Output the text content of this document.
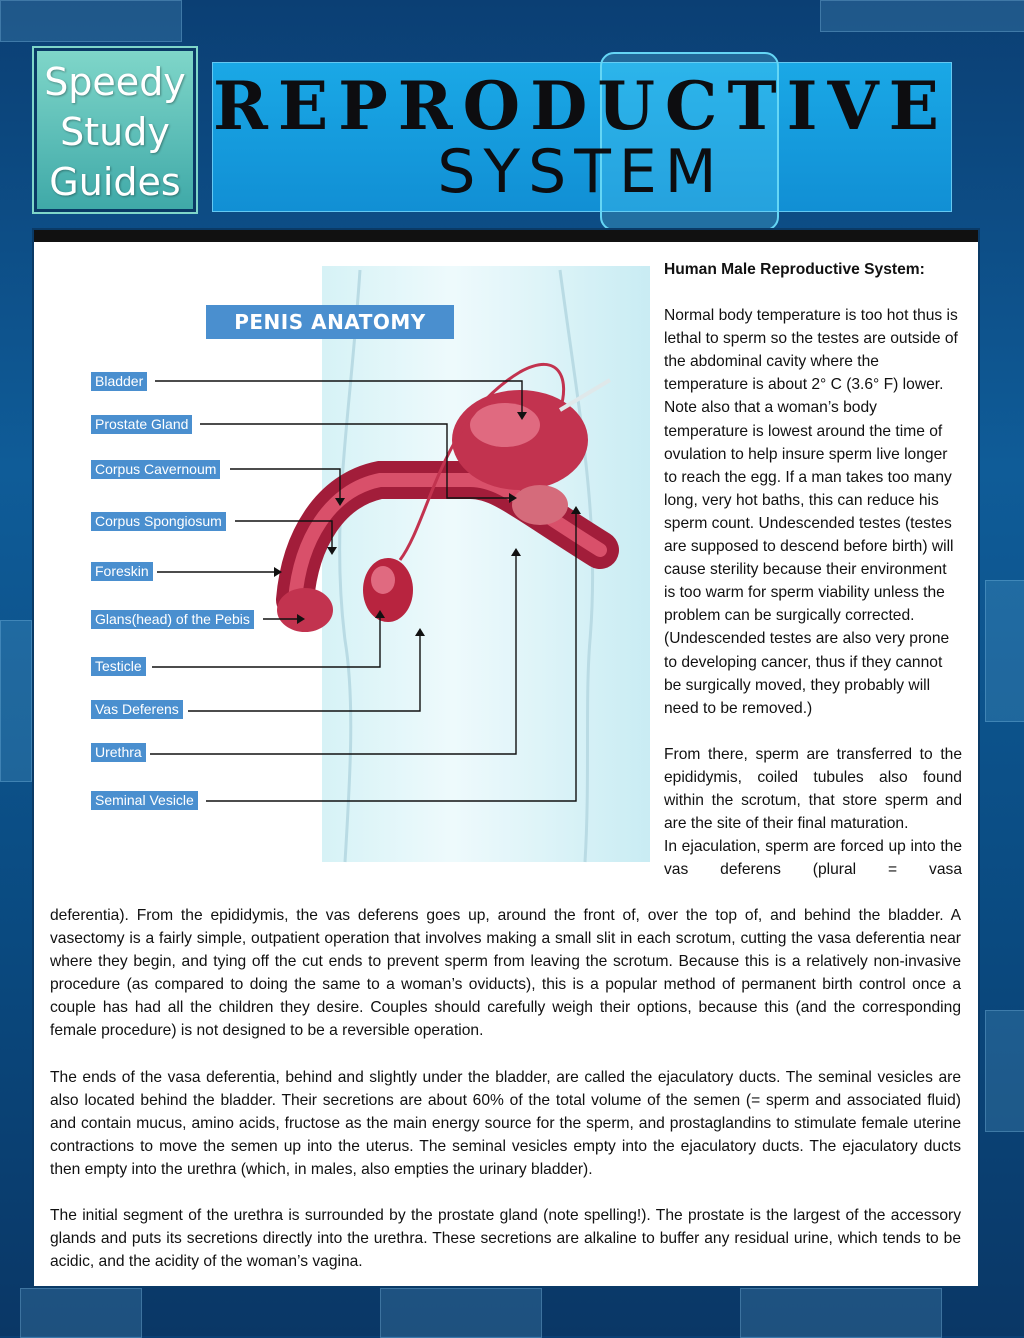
Speedy
Study
Guides
REPRODUCTIVE
SYSTEM
PENIS ANATOMY
Bladder
Prostate Gland
Corpus Cavernoum
Corpus Spongiosum
Foreskin
Glans(head) of the Pebis
Testicle
Vas Deferens
Urethra
Seminal Vesicle

Human Male Reproductive System:

Normal body temperature is too hot thus is lethal to sperm so the testes are outside of the abdominal cavity where the temperature is about 2° C (3.6° F) lower. Note also that a woman’s body temperature is lowest around the time of ovulation to help insure sperm live longer to reach the egg. If a man takes too many long, very hot baths, this can reduce his sperm count. Undescended testes (testes are supposed to descend before birth) will cause sterility because their environment is too warm for sperm viability unless the problem can be surgically corrected. (Undescended testes are also very prone to developing cancer, thus if they cannot be surgically moved, they probably will need to be removed.)

From there, sperm are transferred to the epididymis, coiled tubules also found within the scrotum, that store sperm and are the site of their final maturation.

In ejaculation, sperm are forced up into the vas deferens (plural = vasa

deferentia). From the epididymis, the vas deferens goes up, around the front of, over the top of, and behind the bladder. A vasectomy is a fairly simple, outpatient operation that involves making a small slit in each scrotum, cutting the vasa deferentia near where they begin, and tying off the cut ends to prevent sperm from leaving the scrotum. Because this is a relatively non-invasive procedure (as compared to doing the same to a woman’s oviducts), this is a popular method of permanent birth control once a couple has had all the children they desire. Couples should carefully weigh their options, because this (and the corresponding female procedure) is not designed to be a reversible operation.

The ends of the vasa deferentia, behind and slightly under the bladder, are called the ejaculatory ducts. The seminal vesicles are also located behind the bladder. Their secretions are about 60% of the total volume of the semen (= sperm and associated fluid) and contain mucus, amino acids, fructose as the main energy source for the sperm, and prostaglandins to stimulate female uterine contractions to move the semen up into the uterus. The seminal vesicles empty into the ejaculatory ducts. The ejaculatory ducts then empty into the urethra (which, in males, also empties the urinary bladder).

The initial segment of the urethra is surrounded by the prostate gland (note spelling!). The prostate is the largest of the accessory glands and puts its secretions directly into the urethra. These secretions are alkaline to buffer any residual urine, which tends to be acidic, and the acidity of the woman’s vagina.
